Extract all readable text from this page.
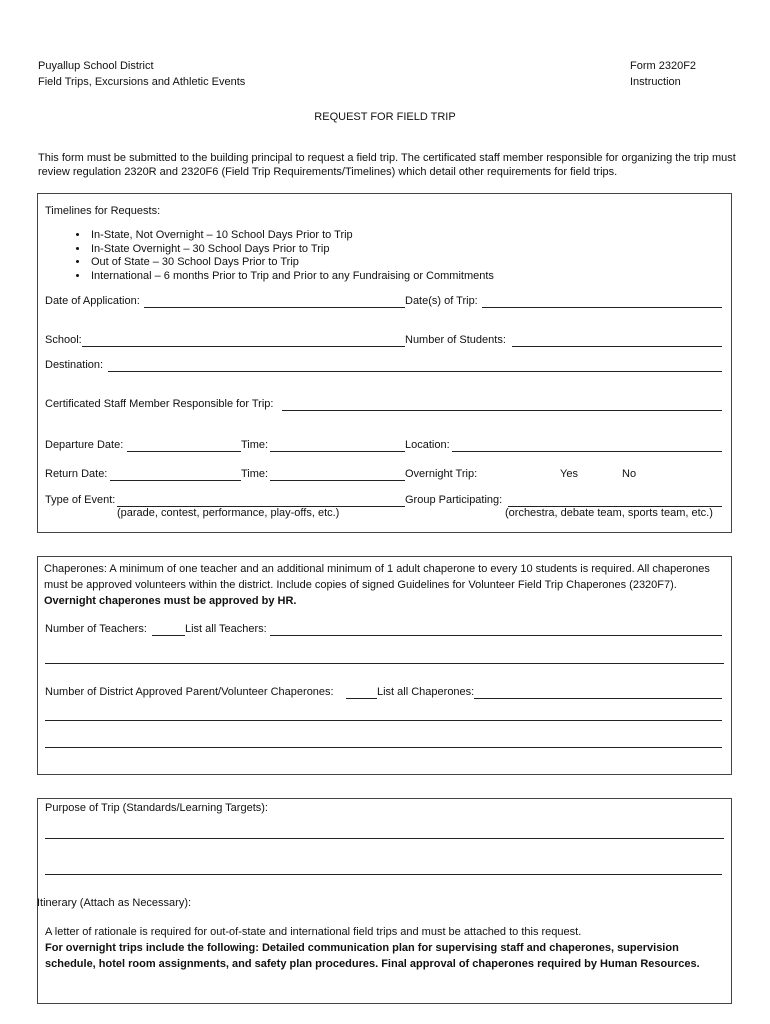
Puyallup School District
Field Trips, Excursions and Athletic Events
Form 2320F2
Instruction
REQUEST FOR FIELD TRIP
This form must be submitted to the building principal to request a field trip. The certificated staff member responsible for organizing the trip must review regulation 2320R and 2320F6 (Field Trip Requirements/Timelines) which detail other requirements for field trips.
Timelines for Requests:
• In-State, Not Overnight – 10 School Days Prior to Trip
• In-State Overnight – 30 School Days Prior to Trip
• Out of State – 30 School Days Prior to Trip
• International – 6 months Prior to Trip and Prior to any Fundraising or Commitments
Date of Application:	Date(s) of Trip:
School:	Number of Students:
Destination:
Certificated Staff Member Responsible for Trip:
Departure Date:	Time:	Location:
Return Date:	Time:	Overnight Trip:	Yes	No
Type of Event:	Group Participating:
(parade, contest, performance, play-offs, etc.)	(orchestra, debate team, sports team, etc.)
Chaperones: A minimum of one teacher and an additional minimum of 1 adult chaperone to every 10 students is required. All chaperones must be approved volunteers within the district. Include copies of signed Guidelines for Volunteer Field Trip Chaperones (2320F7). Overnight chaperones must be approved by HR.
Number of Teachers:	List all Teachers:
Number of District Approved Parent/Volunteer Chaperones:	List all Chaperones:
Purpose of Trip (Standards/Learning Targets):
Itinerary (Attach as Necessary):
A letter of rationale is required for out-of-state and international field trips and must be attached to this request.
For overnight trips include the following: Detailed communication plan for supervising staff and chaperones, supervision schedule, hotel room assignments, and safety plan procedures. Final approval of chaperones required by Human Resources.
